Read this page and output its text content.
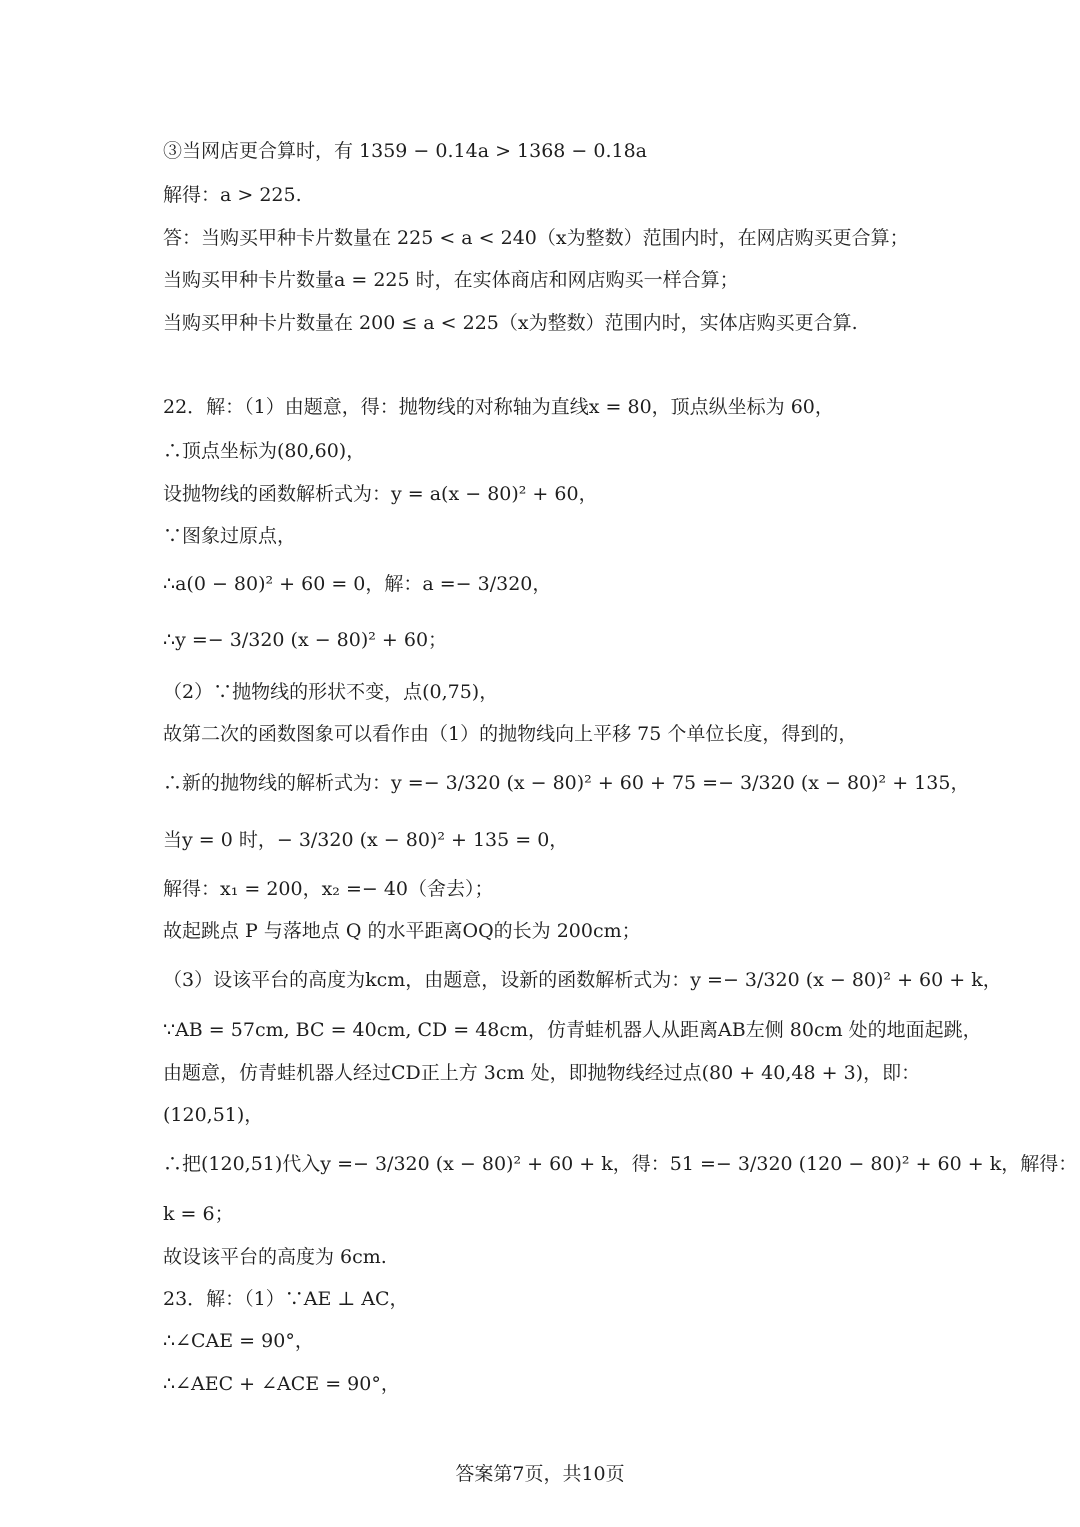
③当网店更合算时，有 1359 − 0.14a > 1368 − 0.18a
解得：a > 225.
答：当购买甲种卡片数量在 225 < a < 240（x为整数）范围内时，在网店购买更合算；
当购买甲种卡片数量a = 225 时，在实体商店和网店购买一样合算；
当购买甲种卡片数量在 200 ≤ a < 225（x为整数）范围内时，实体店购买更合算.
22．解：（1）由题意，得：抛物线的对称轴为直线x = 80，顶点纵坐标为 60，
∴顶点坐标为(80,60)，
设抛物线的函数解析式为：y = a(x − 80)² + 60，
∵图象过原点，
∴a(0 − 80)² + 60 = 0，解：a =− 3/320，
∴y =− 3/320 (x − 80)² + 60；
（2）∵抛物线的形状不变，点(0,75)，
故第二次的函数图象可以看作由（1）的抛物线向上平移 75 个单位长度，得到的，
∴新的抛物线的解析式为：y =− 3/320 (x − 80)² + 60 + 75 =− 3/320 (x − 80)² + 135，
当y = 0 时，− 3/320 (x − 80)² + 135 = 0，
解得：x₁ = 200，x₂ =− 40（舍去）；
故起跳点 P 与落地点 Q 的水平距离OQ的长为 200cm；
（3）设该平台的高度为kcm，由题意，设新的函数解析式为：y =− 3/320 (x − 80)² + 60 + k，
∵AB = 57cm, BC = 40cm, CD = 48cm，仿青蛙机器人从距离AB左侧 80cm 处的地面起跳，
由题意，仿青蛙机器人经过CD正上方 3cm 处，即抛物线经过点(80 + 40,48 + 3)，即：
(120,51)，
∴把(120,51)代入y =− 3/320 (x − 80)² + 60 + k，得：51 =− 3/320 (120 − 80)² + 60 + k，解得：
k = 6；
故设该平台的高度为 6cm.
23．解：（1）∵AE ⊥ AC，
∴∠CAE = 90°，
∴∠AEC + ∠ACE = 90°，
答案第7页，共10页
